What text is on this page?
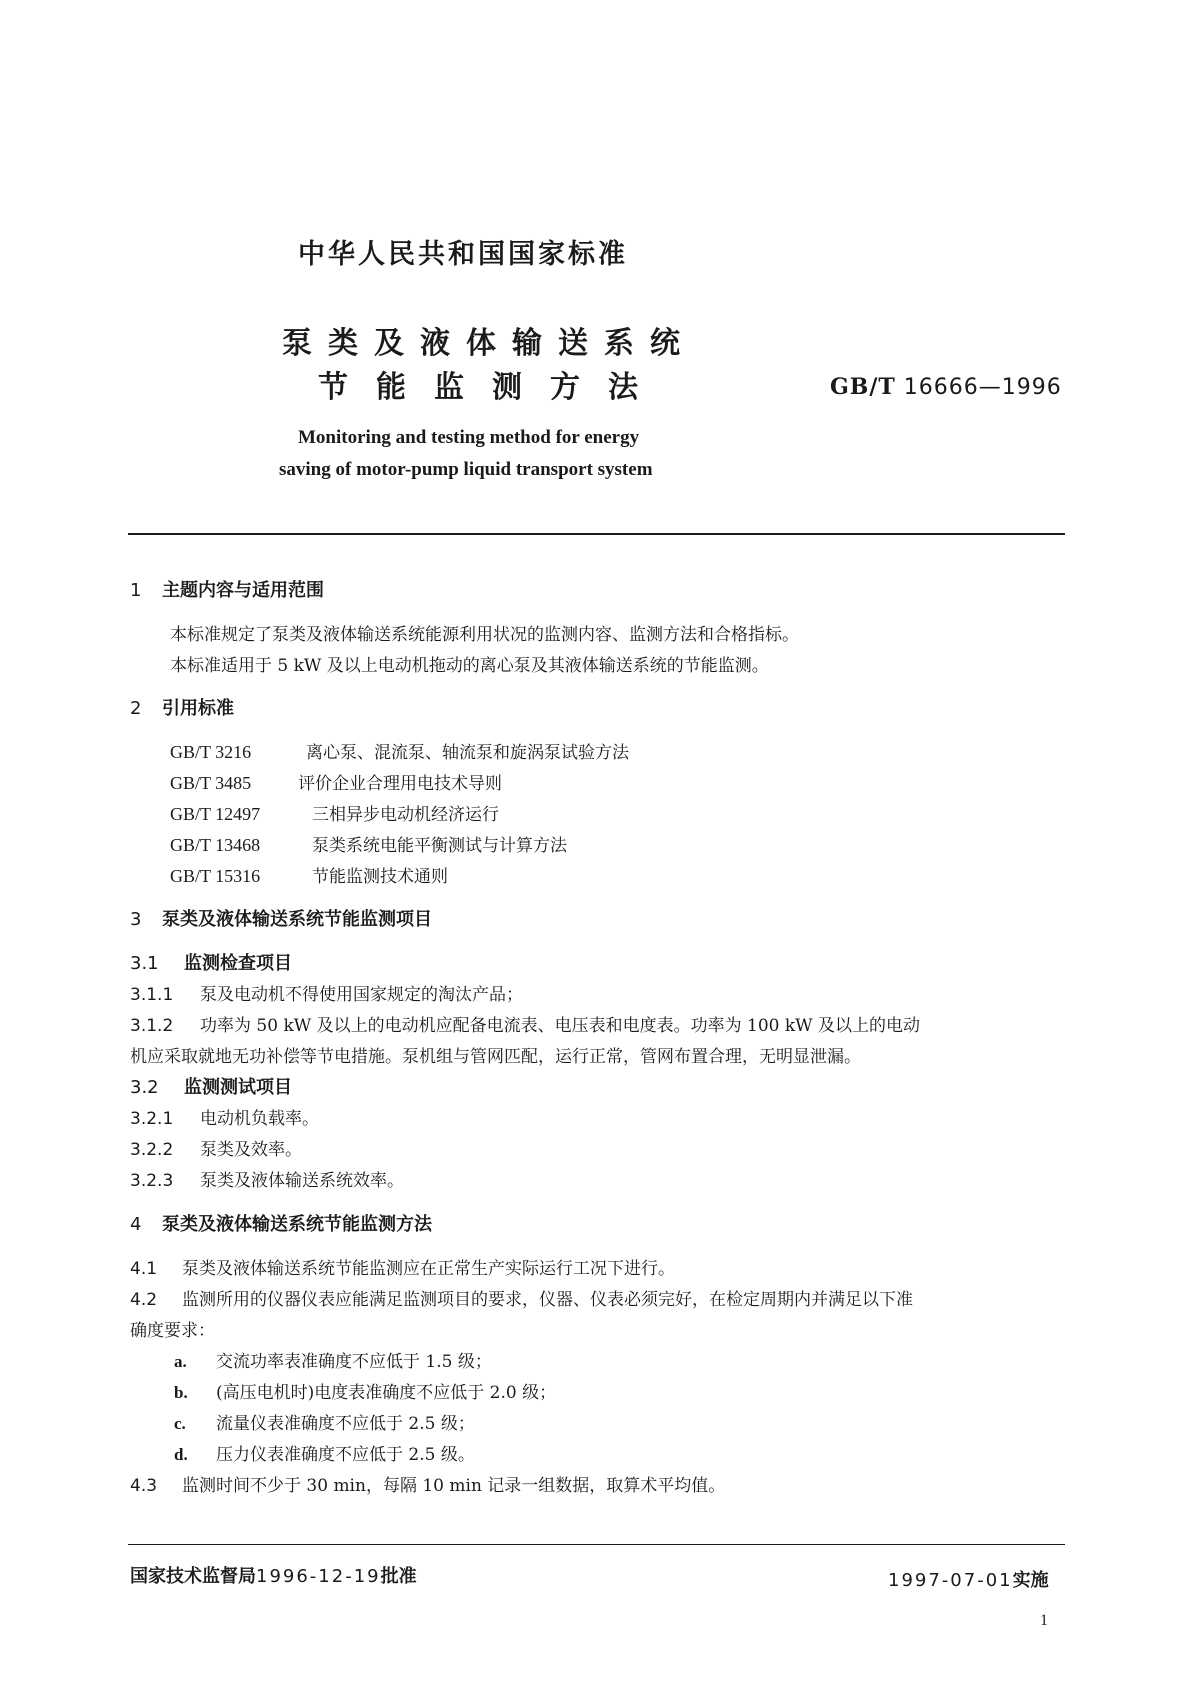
中华人民共和国国家标准
泵类及液体输送系统
节能监测方法	GB/T 16666—1996
Monitoring and testing method for energy
saving of motor-pump liquid transport system
1 主题内容与适用范围
本标准规定了泵类及液体输送系统能源利用状况的监测内容、监测方法和合格指标。
本标准适用于 5 kW 及以上电动机拖动的离心泵及其液体输送系统的节能监测。
2 引用标准
GB/T 3216	离心泵、混流泵、轴流泵和旋涡泵试验方法
GB/T 3485	评价企业合理用电技术导则
GB/T 12497	三相异步电动机经济运行
GB/T 13468	泵类系统电能平衡测试与计算方法
GB/T 15316	节能监测技术通则
3 泵类及液体输送系统节能监测项目
3.1 监测检查项目
3.1.1 泵及电动机不得使用国家规定的淘汰产品；
3.1.2 功率为 50 kW 及以上的电动机应配备电流表、电压表和电度表。功率为 100 kW 及以上的电动
机应采取就地无功补偿等节电措施。泵机组与管网匹配，运行正常，管网布置合理，无明显泄漏。
3.2 监测测试项目
3.2.1 电动机负载率。
3.2.2 泵类及效率。
3.2.3 泵类及液体输送系统效率。
4 泵类及液体输送系统节能监测方法
4.1 泵类及液体输送系统节能监测应在正常生产实际运行工况下进行。
4.2 监测所用的仪器仪表应能满足监测项目的要求，仪器、仪表必须完好，在检定周期内并满足以下准
确度要求：
a. 交流功率表准确度不应低于 1.5 级；
b. (高压电机时)电度表准确度不应低于 2.0 级；
c. 流量仪表准确度不应低于 2.5 级；
d. 压力仪表准确度不应低于 2.5 级。
4.3 监测时间不少于 30 min，每隔 10 min 记录一组数据，取算术平均值。
国家技术监督局1996-12-19批准	1997-07-01实施
1
